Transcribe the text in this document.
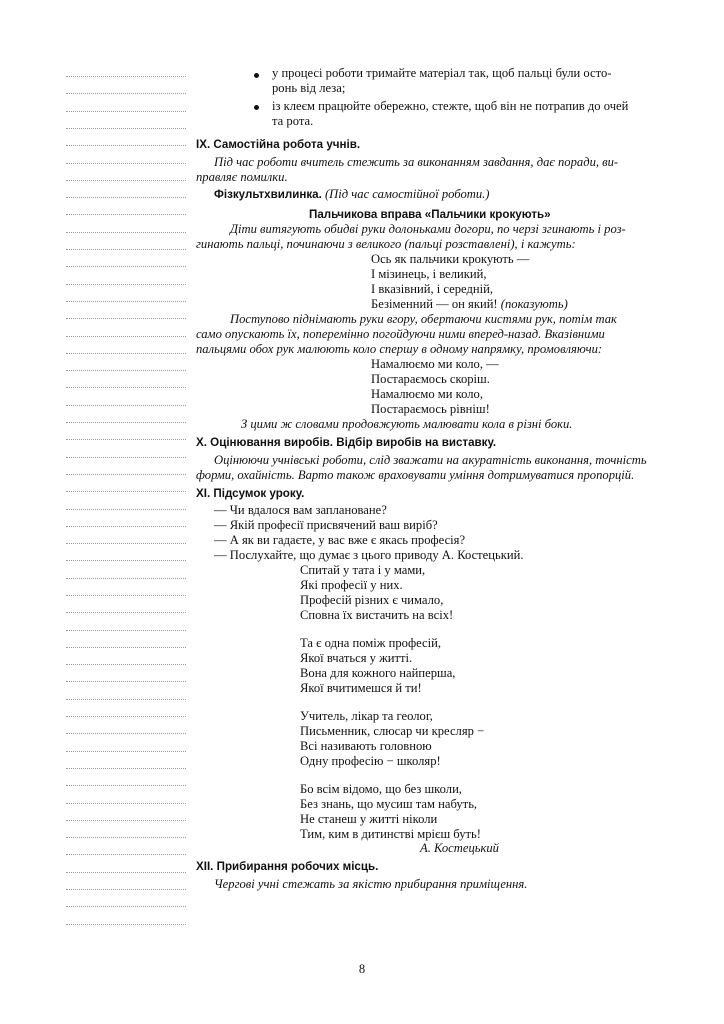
у процесі роботи тримайте матеріал так, щоб пальці були осто-
ронь від леза;
із клеєм працюйте обережно, стежте, щоб він не потрапив до очей
та рота.
IX. Самостійна робота учнів.
Під час роботи вчитель стежить за виконанням завдання, дає поради, ви-
правляє помилки.
Фізкультхвилинка. (Під час самостійної роботи.)
Пальчикова вправа «Пальчики крокують»
Діти витягують обидві руки долоньками догори, по черзі згинають і роз-
гинають пальці, починаючи з великого (пальці розставлені), і кажуть:
Ось як пальчики крокують —
І мізинець, і великий,
І вказівний, і середній,
Безіменний — он який! (показують)
Поступово піднімають руки вгору, обертаючи кистями рук, потім так
само опускають їх, поперемінно погойдуючи ними вперед-назад. Вказівними
пальцями обох рук малюють коло спершу в одному напрямку, промовляючи:
Намалюємо ми коло, —
Постараємось скоріш.
Намалюємо ми коло,
Постараємось рівніш!
З цими ж словами продовжують малювати кола в різні боки.
X. Оцінювання виробів. Відбір виробів на виставку.
Оцінюючи учнівські роботи, слід зважати на акуратність виконання, точність
форми, охайність. Варто також враховувати уміння дотримуватися пропорцій.
XI. Підсумок уроку.
— Чи вдалося вам заплановане?
— Якій професії присвячений ваш виріб?
— А як ви гадаєте, у вас вже є якась професія?
— Послухайте, що думає з цього приводу А. Костецький.
Спитай у тата і у мами,
Які професії у них.
Професій різних є чимало,
Сповна їх вистачить на всіх!
Та є одна поміж професій,
Якої вчаться у житті.
Вона для кожного найперша,
Якої вчитимешся й ти!
Учитель, лікар та геолог,
Письменник, слюсар чи кресляр −
Всі називають головною
Одну професію − школяр!
Бо всім відомо, що без школи,
Без знань, що мусиш там набуть,
Не станеш у житті ніколи
Тим, ким в дитинстві мрієш буть!
А. Костецький
XII. Прибирання робочих місць.
Чергові учні стежать за якістю прибирання приміщення.
8
